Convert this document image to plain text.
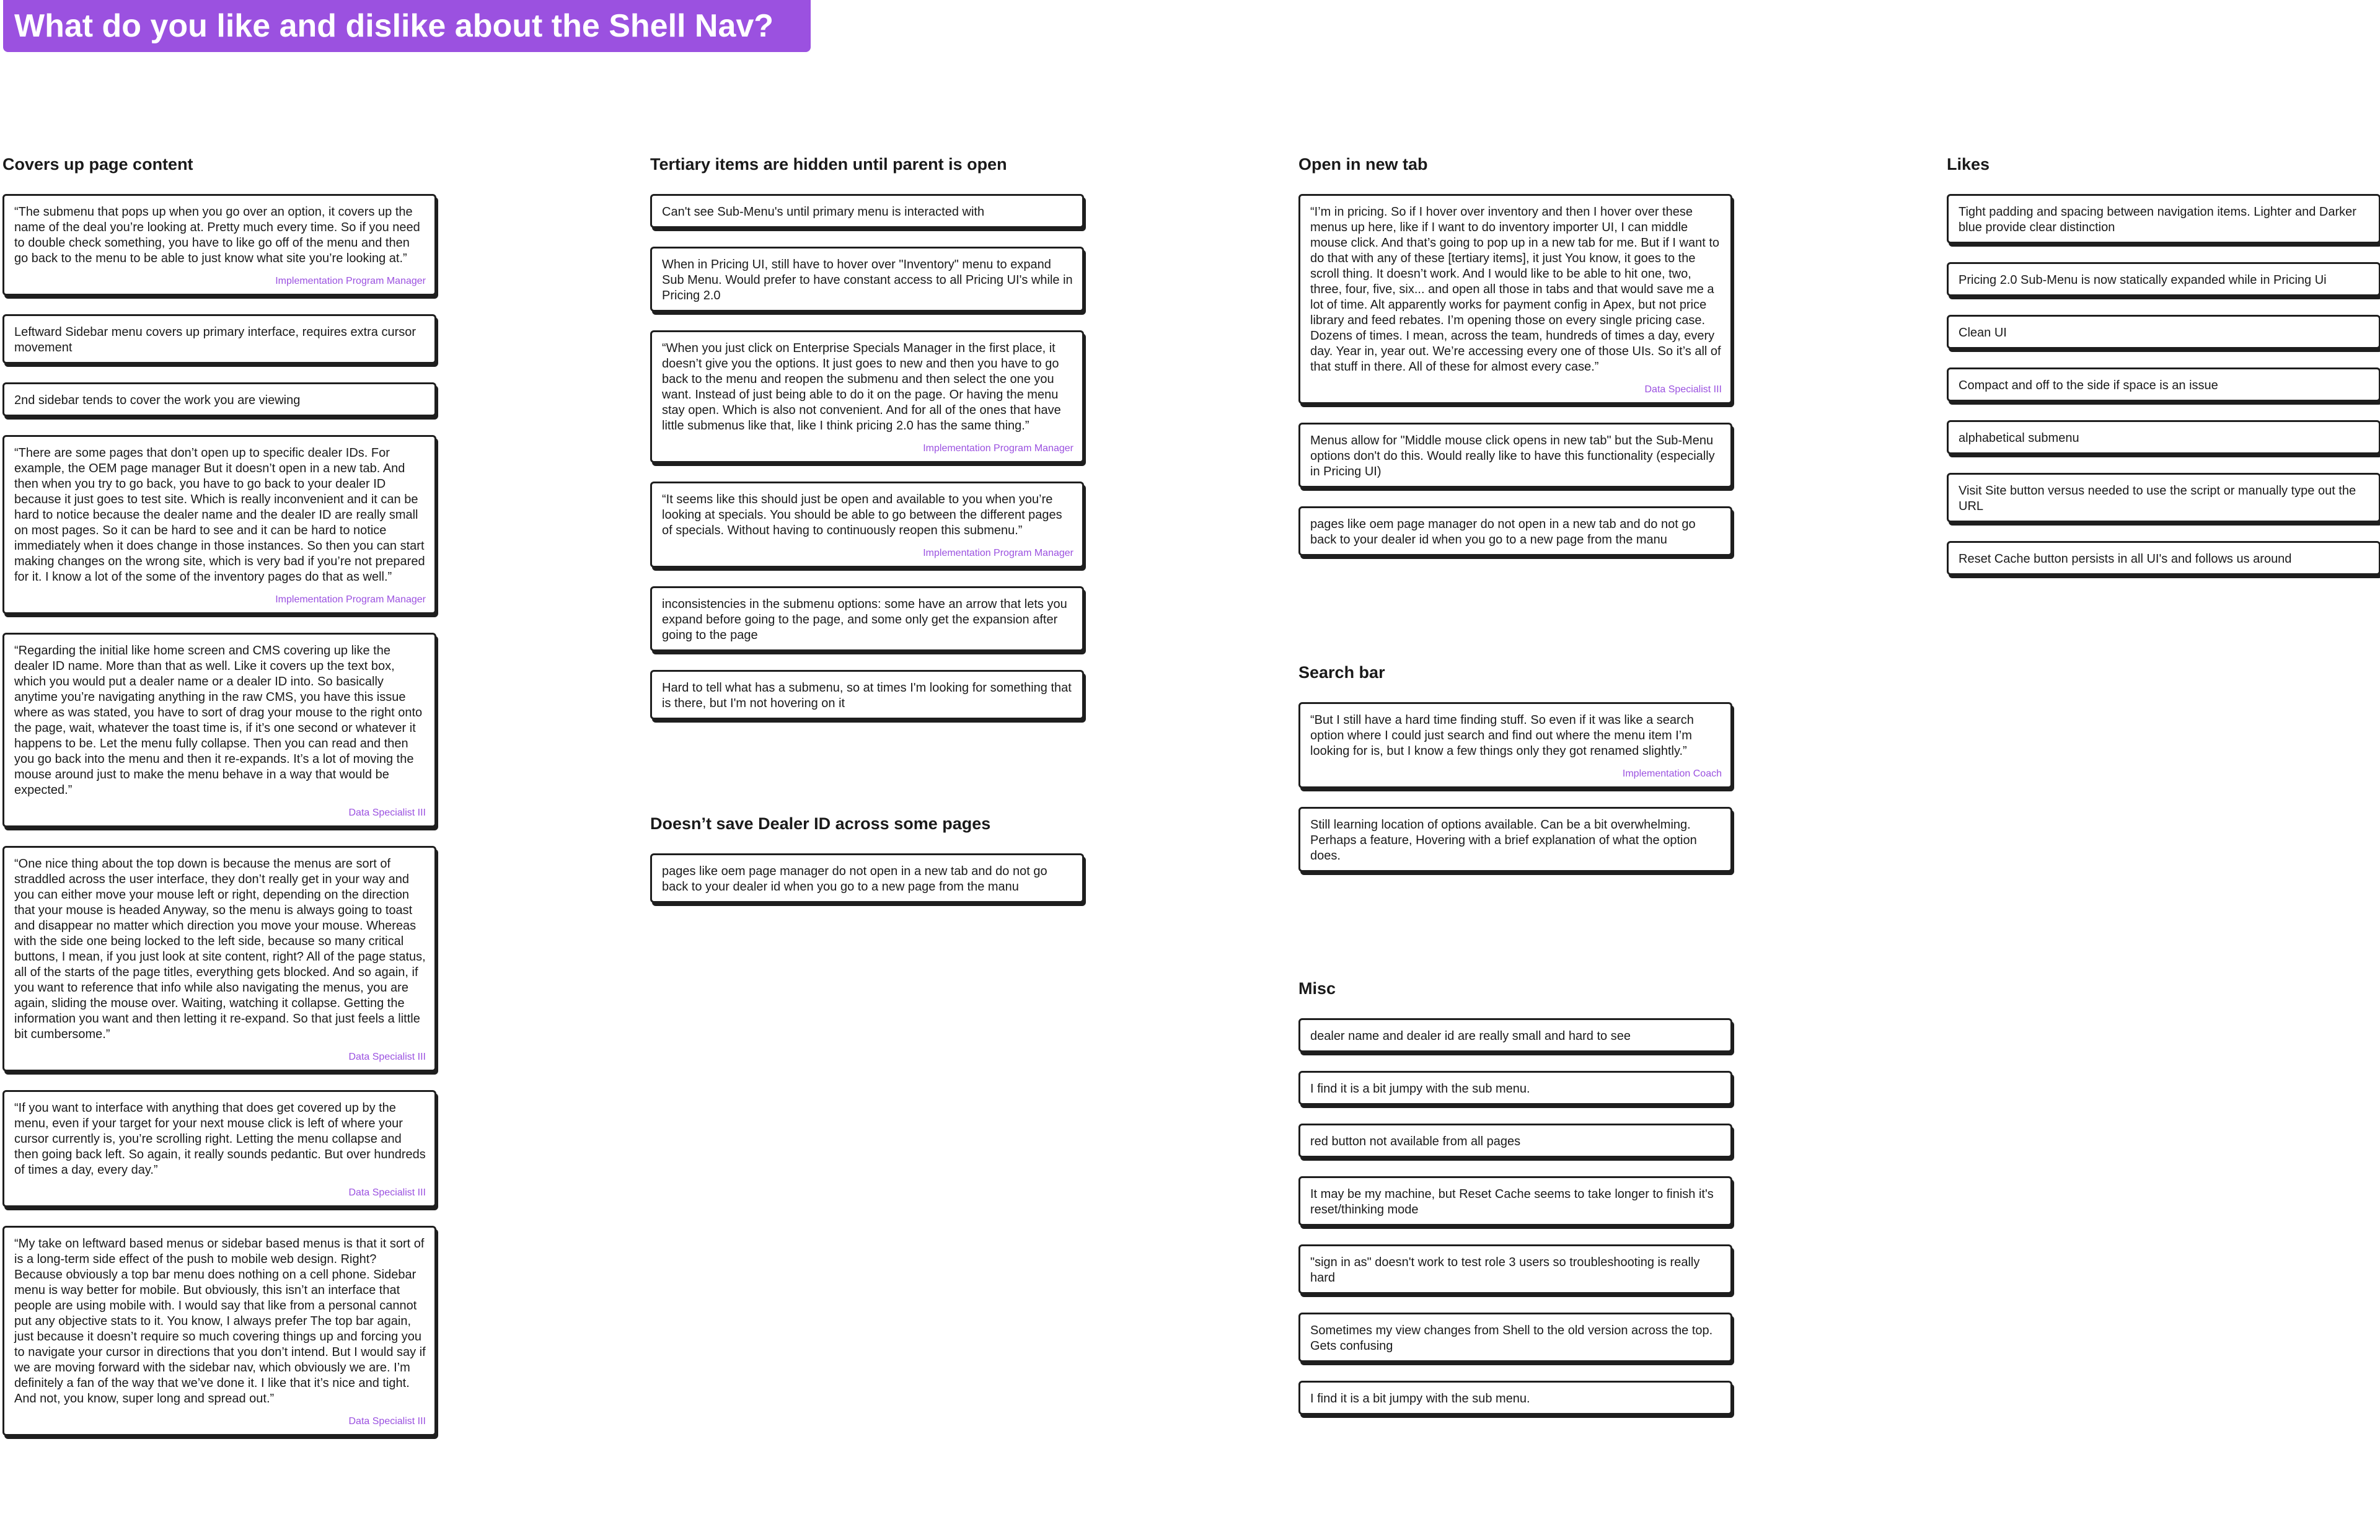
What do you like and dislike about the Shell Nav?
Covers up page content
“The submenu that pops up when you go over an option, it covers up the name of the deal you’re looking at. Pretty much every time. So if you need to double check something, you have to like go off of the menu and then go back to the menu to be able to just know what site you’re looking at.”
Implementation Program Manager
Leftward Sidebar menu covers up primary interface, requires extra cursor movement
2nd sidebar tends to cover the work you are viewing
“There are some pages that don’t open up to specific dealer IDs. For example, the OEM page manager But it doesn’t open in a new tab. And then when you try to go back, you have to go back to your dealer ID because it just goes to test site. Which is really inconvenient and it can be hard to notice because the dealer name and the dealer ID are really small on most pages. So it can be hard to see and it can be hard to notice immediately when it does change in those instances. So then you can start making changes on the wrong site, which is very bad if you’re not prepared for it. I know a lot of the some of the inventory pages do that as well.”
Implementation Program Manager
“Regarding the initial like home screen and CMS covering up like the dealer ID name. More than that as well. Like it covers up the text box, which you would put a dealer name or a dealer ID into. So basically anytime you’re navigating anything in the raw CMS, you have this issue where as was stated, you have to sort of drag your mouse to the right onto the page, wait, whatever the toast time is, if it’s one second or whatever it happens to be. Let the menu fully collapse. Then you can read and then you go back into the menu and then it re-expands. It’s a lot of moving the mouse around just to make the menu behave in a way that would be expected.”
Data Specialist III
“One nice thing about the top down is because the menus are sort of straddled across the user interface, they don’t really get in your way and you can either move your mouse left or right, depending on the direction that your mouse is headed Anyway, so the menu is always going to toast and disappear no matter which direction you move your mouse. Whereas with the side one being locked to the left side, because so many critical buttons, I mean, if you just look at site content, right? All of the page status, all of the starts of the page titles, everything gets blocked. And so again, if you want to reference that info while also navigating the menus, you are again, sliding the mouse over. Waiting, watching it collapse. Getting the information you want and then letting it re-expand. So that just feels a little bit cumbersome.”
Data Specialist III
“If you want to interface with anything that does get covered up by the menu, even if your target for your next mouse click is left of where your cursor currently is, you’re scrolling right. Letting the menu collapse and then going back left. So again, it really sounds pedantic. But over hundreds of times a day, every day.”
Data Specialist III
“My take on leftward based menus or sidebar based menus is that it sort of is a long-term side effect of the push to mobile web design. Right? Because obviously a top bar menu does nothing on a cell phone. Sidebar menu is way better for mobile. But obviously, this isn’t an interface that people are using mobile with. I would say that like from a personal cannot put any objective stats to it. You know, I always prefer The top bar again, just because it doesn’t require so much covering things up and forcing you to navigate your cursor in directions that you don’t intend. But I would say if we are moving forward with the sidebar nav, which obviously we are. I’m definitely a fan of the way that we’ve done it. I like that it’s nice and tight. And not, you know, super long and spread out.”
Data Specialist III
Tertiary items are hidden until parent is open
Can't see Sub-Menu's until primary menu is interacted with
When in Pricing UI, still have to hover over "Inventory" menu to expand Sub Menu. Would prefer to have constant access to all Pricing UI's while in Pricing 2.0
“When you just click on Enterprise Specials Manager in the first place, it doesn’t give you the options. It just goes to new and then you have to go back to the menu and reopen the submenu and then select the one you want. Instead of just being able to do it on the page. Or having the menu stay open. Which is also not convenient. And for all of the ones that have little submenus like that, like I think pricing 2.0 has the same thing.”
Implementation Program Manager
“It seems like this should just be open and available to you when you’re looking at specials. You should be able to go between the different pages of specials. Without having to continuously reopen this submenu.”
Implementation Program Manager
inconsistencies in the submenu options: some have an arrow that lets you expand before going to the page, and some only get the expansion after going to the page
Hard to tell what has a submenu, so at times I'm looking for something that is there, but I'm not hovering on it
Doesn’t save Dealer ID across some pages
pages like oem page manager do not open in a new tab and do not go back to your dealer id when you go to a new page from the manu
Open in new tab
“I’m in pricing. So if I hover over inventory and then I hover over these menus up here, like if I want to do inventory importer UI, I can middle mouse click. And that’s going to pop up in a new tab for me. But if I want to do that with any of these [tertiary items], it just You know, it goes to the scroll thing. It doesn’t work. And I would like to be able to hit one, two, three, four, five, six... and open all those in tabs and that would save me a lot of time. Alt apparently works for payment config in Apex, but not price library and feed rebates. I’m opening those on every single pricing case. Dozens of times. I mean, across the team, hundreds of times a day, every day. Year in, year out. We’re accessing every one of those UIs. So it’s all of that stuff in there. All of these for almost every case.”
Data Specialist III
Menus allow for "Middle mouse click opens in new tab" but the Sub-Menu options don't do this. Would really like to have this functionality (especially in Pricing UI)
pages like oem page manager do not open in a new tab and do not go back to your dealer id when you go to a new page from the manu
Search bar
“But I still have a hard time finding stuff. So even if it was like a search option where I could just search and find out where the menu item I’m looking for is, but I know a few things only they got renamed slightly.”
Implementation Coach
Still learning location of options available. Can be a bit overwhelming. Perhaps a feature, Hovering with a brief explanation of what the option does.
Misc
dealer name and dealer id are really small and hard to see
I find it is a bit jumpy with the sub menu.
red button not available from all pages
It may be my machine, but Reset Cache seems to take longer to finish it's reset/thinking mode
"sign in as" doesn't work to test role 3 users so troubleshooting is really hard
Sometimes my view changes from Shell to the old version across the top. Gets confusing
I find it is a bit jumpy with the sub menu.
Likes
Tight padding and spacing between navigation items. Lighter and Darker blue provide clear distinction
Pricing 2.0 Sub-Menu is now statically expanded while in Pricing Ui
Clean UI
Compact and off to the side if space is an issue
alphabetical submenu
Visit Site button versus needed to use the script or manually type out the URL
Reset Cache button persists in all UI's and follows us around
